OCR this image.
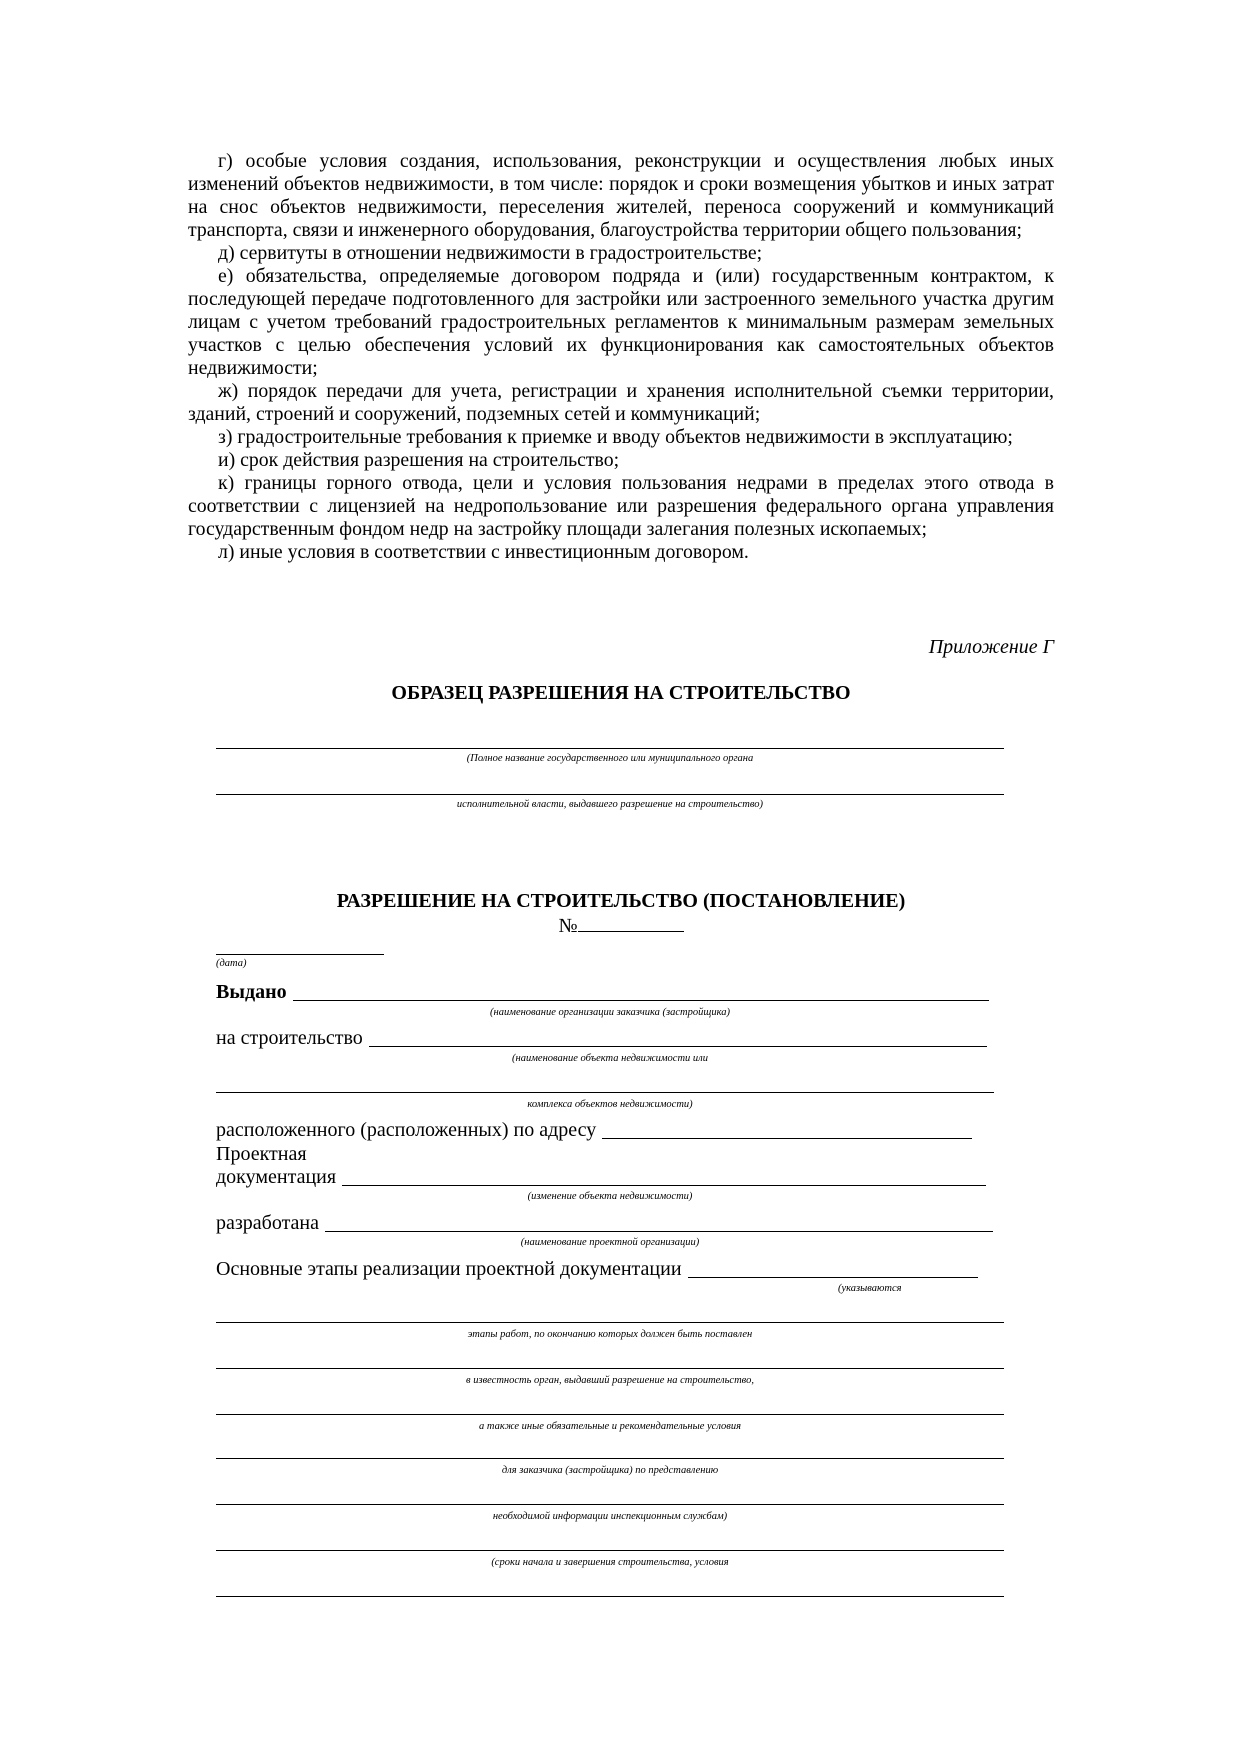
г) особые условия создания, использования, реконструкции и осуществления любых иных изменений объектов недвижимости, в том числе: порядок и сроки возмещения убытков и иных затрат на снос объектов недвижимости, переселения жителей, переноса сооружений и коммуникаций транспорта, связи и инженерного оборудования, благоустройства территории общего пользования;

д) сервитуты в отношении недвижимости в градостроительстве;

е) обязательства, определяемые договором подряда и (или) государственным контрактом, к последующей передаче подготовленного для застройки или застроенного земельного участка другим лицам с учетом требований градостроительных регламентов к минимальным размерам земельных участков с целью обеспечения условий их функционирования как самостоятельных объектов недвижимости;

ж) порядок передачи для учета, регистрации и хранения исполнительной съемки территории, зданий, строений и сооружений, подземных сетей и коммуникаций;

з) градостроительные требования к приемке и вводу объектов недвижимости в эксплуатацию;

и) срок действия разрешения на строительство;

к) границы горного отвода, цели и условия пользования недрами в пределах этого отвода в соответствии с лицензией на недропользование или разрешения федерального органа управления государственным фондом недр на застройку площади залегания полезных ископаемых;

л) иные условия в соответствии с инвестиционным договором.

Приложение Г
ОБРАЗЕЦ РАЗРЕШЕНИЯ НА СТРОИТЕЛЬСТВО
(Полное название государственного или муниципального органа
исполнительной власти, выдавшего разрешение на строительство)
РАЗРЕШЕНИЕ НА СТРОИТЕЛЬСТВО (ПОСТАНОВЛЕНИЕ)
№
(дата)
Выдано
(наименование организации заказчика (застройщика)
на строительство
(наименование объекта недвижимости или
комплекса объектов недвижимости)
расположенного (расположенных) по адресу
Проектная
документация
(изменение объекта недвижимости)
разработана
(наименование проектной организации)
Основные этапы реализации проектной документации
(указываются
этапы работ, по окончанию которых должен быть поставлен
в известность орган, выдавший разрешение на строительство,
а также иные обязательные и рекомендательные условия
для заказчика (застройщика) по представлению
необходимой информации инспекционным службам)
(сроки начала и завершения строительства, условия
